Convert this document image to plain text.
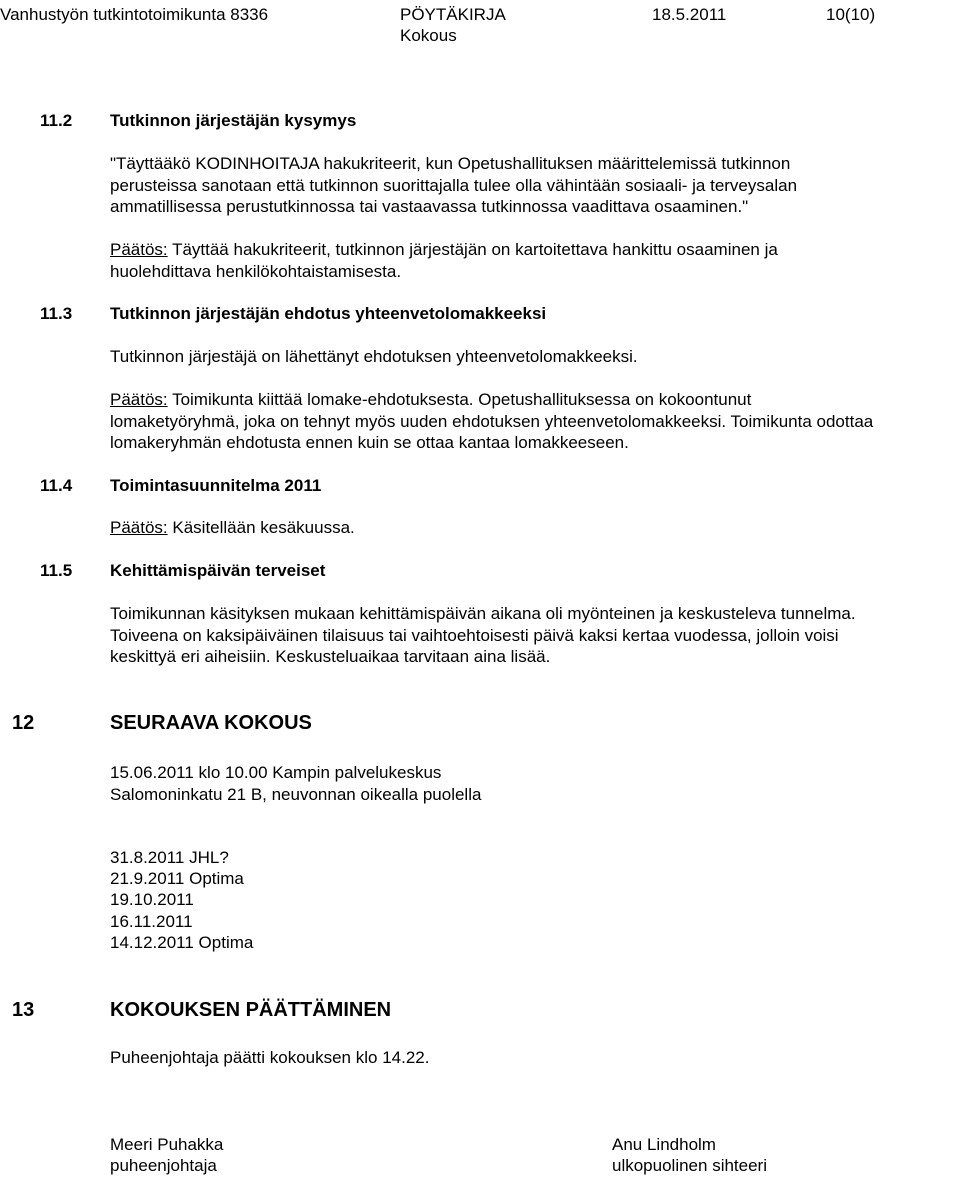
Vanhustyön tutkintotoimikunta 8336	PÖYTÄKIRJA
Kokous
18.5.2011	10(10)
11.2 Tutkinnon järjestäjän kysymys
"Täyttääkö KODINHOITAJA hakukriteerit, kun Opetushallituksen määrittelemissä tutkinnon
perusteissa sanotaan että tutkinnon suorittajalla tulee olla vähintään sosiaali- ja terveysalan
ammatillisessa perustutkinnossa tai vastaavassa tutkinnossa vaadittava osaaminen."
Päätös: Täyttää hakukriteerit, tutkinnon järjestäjän on kartoitettava hankittu osaaminen ja
huolehdittava henkilökohtaistamisesta.
11.3 Tutkinnon järjestäjän ehdotus yhteenvetolomakkeeksi
Tutkinnon järjestäjä on lähettänyt ehdotuksen yhteenvetolomakkeeksi.
Päätös: Toimikunta kiittää lomake-ehdotuksesta. Opetushallituksessa on kokoontunut
lomaketyöryhmä, joka on tehnyt myös uuden ehdotuksen yhteenvetolomakkeeksi. Toimikunta odottaa
lomakeryhmän ehdotusta ennen kuin se ottaa kantaa lomakkeeseen.
11.4 Toimintasuunnitelma 2011
Päätös: Käsitellään kesäkuussa.
11.5 Kehittämispäivän terveiset
Toimikunnan käsityksen mukaan kehittämispäivän aikana oli myönteinen ja keskusteleva tunnelma.
Toiveena on kaksipäiväinen tilaisuus tai vaihtoehtoisesti päivä kaksi kertaa vuodessa, jolloin voisi
keskittyä eri aiheisiin. Keskusteluaikaa tarvitaan aina lisää.
12	SEURAAVA KOKOUS
15.06.2011 klo 10.00 Kampin palvelukeskus
Salomoninkatu 21 B, neuvonnan oikealla puolella
31.8.2011 JHL?
21.9.2011 Optima
19.10.2011
16.11.2011
14.12.2011 Optima
13	KOKOUKSEN PÄÄTTÄMINEN
Puheenjohtaja päätti kokouksen klo 14.22.
Meeri Puhakka
puheenjohtaja
Anu Lindholm
ulkopuolinen sihteeri
